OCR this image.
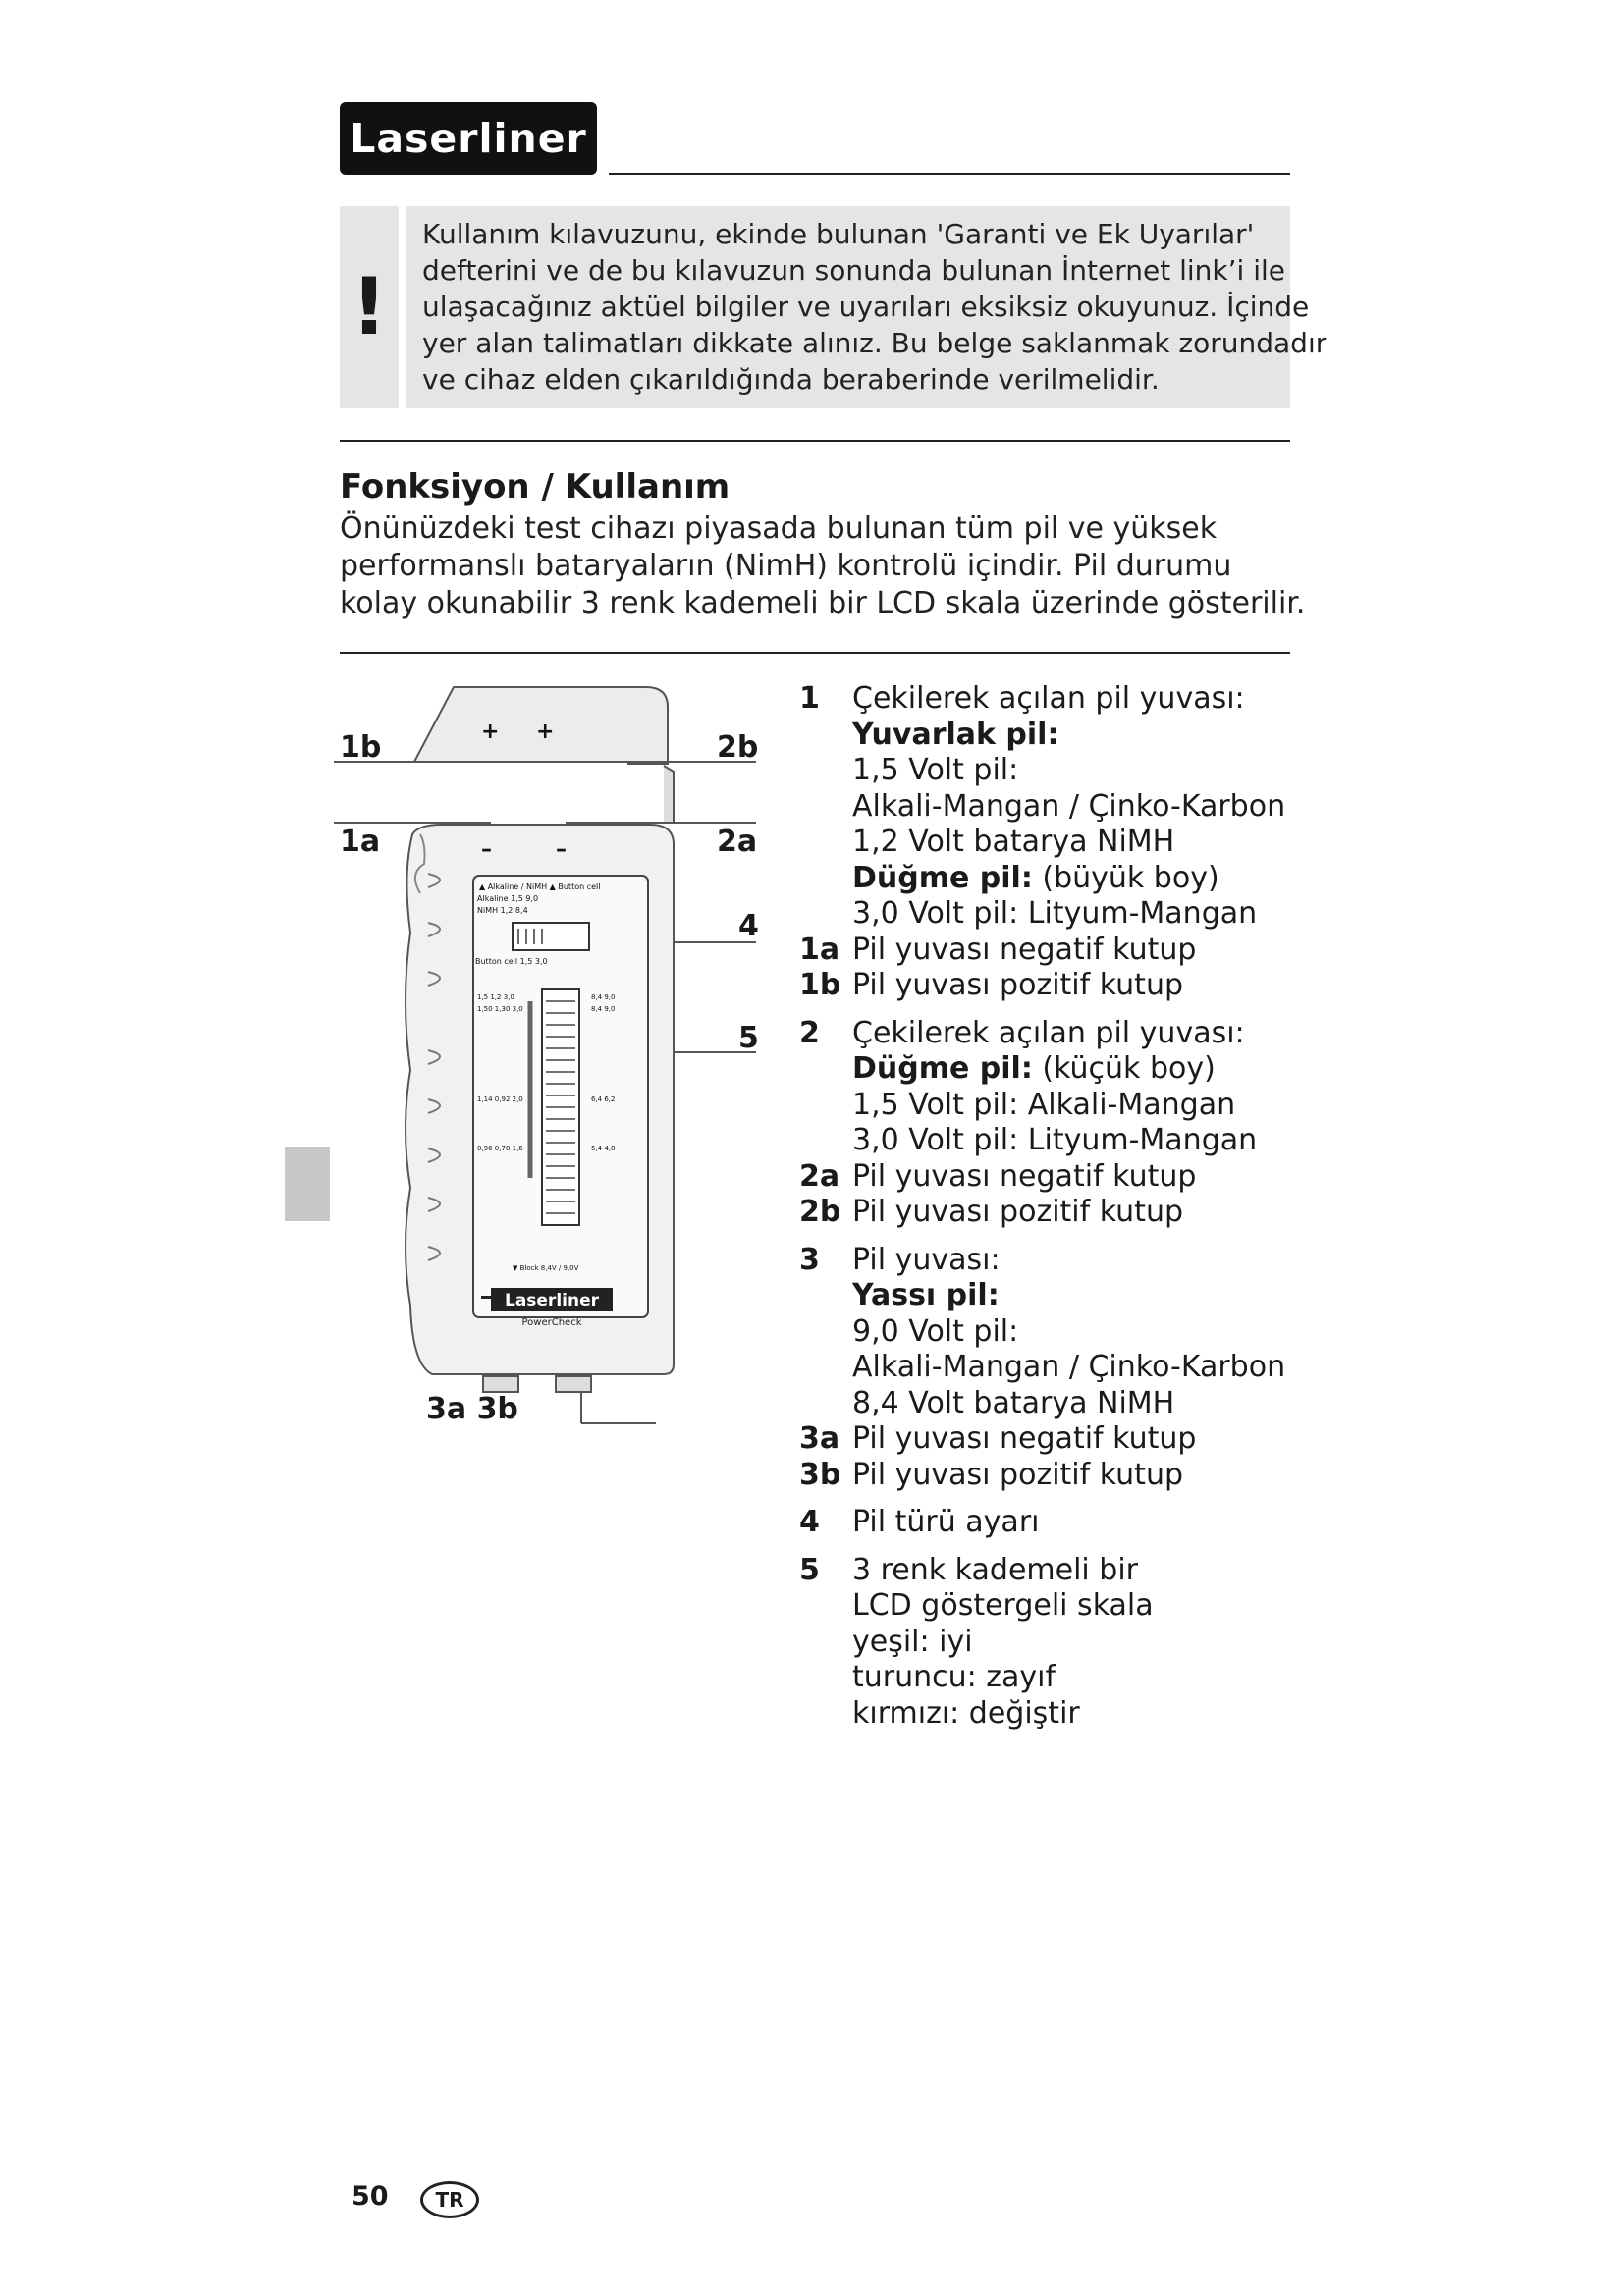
Laserliner
!

Kullanım kılavuzunu, ekinde bulunan 'Garanti ve Ek Uyarılar'

defterini ve de bu kılavuzun sonunda bulunan İnternet link’i ile

ulaşacağınız aktüel bilgiler ve uyarıları eksiksiz okuyunuz. İçinde

yer alan talimatları dikkate alınız. Bu belge saklanmak zorundadır

ve cihaz elden çıkarıldığında beraberinde verilmelidir.

Fonksiyon / Kullanım

Önünüzdeki test cihazı piyasada bulunan tüm pil ve yüksek

performanslı bataryaların (NimH) kontrolü içindir. Pil durumu

kolay okunabilir 3 renk kademeli bir LCD skala üzerinde gösterilir.

1b
1a
2b
2a
4
5
3a 3b
+ +
–	–
▲ Alkaline / NiMH ▲ Button cell
Alkaline 1,5 9,0
NiMH 1,2 8,4
Button cell 1,5 3,0
1,5 1,2 3,0	8,4 9,0
1,50 1,30 3,0	8,4 9,0
1,14 0,92 2,0	6,4 6,2
0,96 0,78 1,6	5,4 4,8
▼ Block 8,4V / 9,0V
Laserliner
PowerCheck
1	Çekilerek açılan pil yuvası:
Yuvarlak pil:
1,5 Volt pil:
Alkali-Mangan / Çinko-Karbon
1,2 Volt batarya NiMH
Düğme pil: (büyük boy)
3,0 Volt pil: Lityum-Mangan
1a Pil yuvası negatif kutup
1b Pil yuvası pozitif kutup
2	Çekilerek açılan pil yuvası:
Düğme pil: (küçük boy)
1,5 Volt pil: Alkali-Mangan
3,0 Volt pil: Lityum-Mangan
2a Pil yuvası negatif kutup
2b Pil yuvası pozitif kutup
3	Pil yuvası:
Yassı pil:
9,0 Volt pil:
Alkali-Mangan / Çinko-Karbon
8,4 Volt batarya NiMH
3a Pil yuvası negatif kutup
3b Pil yuvası pozitif kutup
4	Pil türü ayarı
5	3 renk kademeli bir
LCD göstergeli skala
yeşil: iyi
turuncu: zayıf
kırmızı: değiştir
50	TR
